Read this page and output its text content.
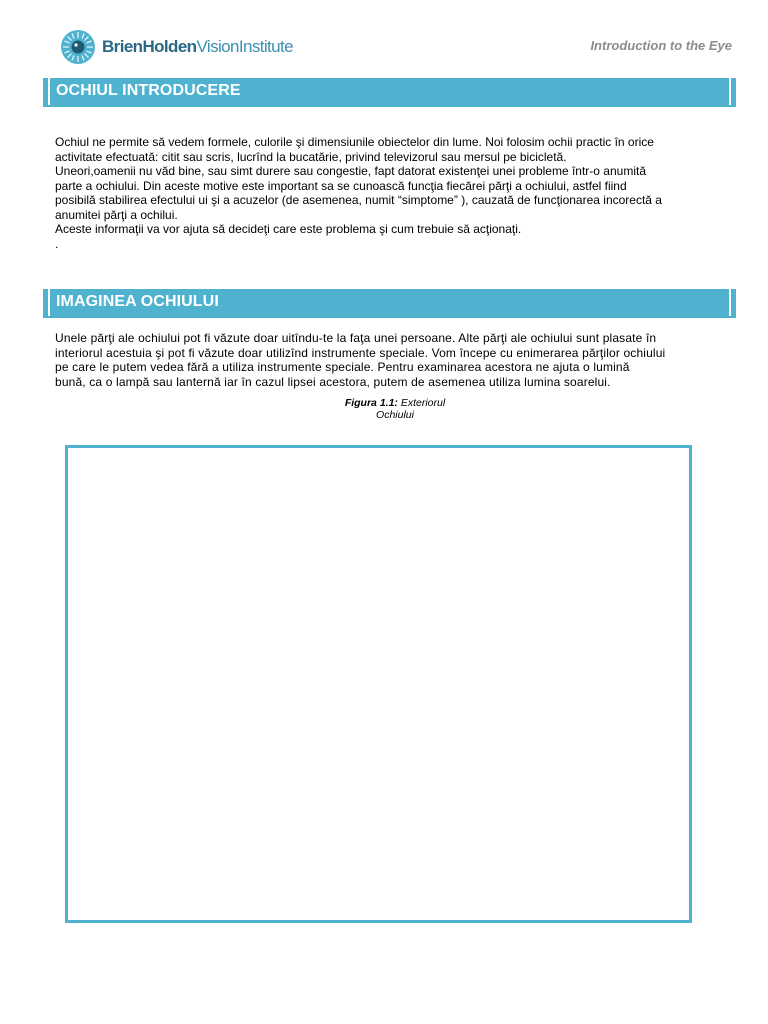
BrienHoldenVisionInstitute	Introduction to the Eye
OCHIUL INTRODUCERE
Ochiul ne permite să vedem formele, culorile şi dimensiunile obiectelor din lume. Noi folosim ochii practic în orice
activitate efectuată: citit sau scris, lucrînd la bucatărie, privind televizorul sau mersul pe bicicletă.
Uneori,oamenii nu văd bine, sau simt durere sau congestie, fapt datorat existenţei unei probleme într-o anumită
parte a ochiului. Din aceste motive este important sa se cunoască funcţia fiecărei părţi a ochiului, astfel fiind
posibilă stabilirea efectului ui şi a acuzelor (de asemenea, numit “simptome” ), cauzată de funcţionarea incorectă a
anumitei părţi a ochilui.
Aceste informaţii va vor ajuta să decideţi care este problema şi cum trebuie să acţionaţi.
.
IMAGINEA OCHIULUI
Unele părţi ale ochiului pot fi văzute doar uitîndu-te la faţa unei persoane. Alte părţi ale ochiului sunt plasate în
interiorul acestuia şi pot fi văzute doar utilizînd instrumente speciale. Vom începe cu enimerarea părţilor ochiului
pe care le putem vedea fără a utiliza instrumente speciale. Pentru examinarea acestora ne ajuta o lumină
bună, ca o lampă sau lanternă iar în cazul lipsei acestora, putem de asemenea utiliza lumina soarelui.
Figura 1.1: Exteriorul
Ochiului
